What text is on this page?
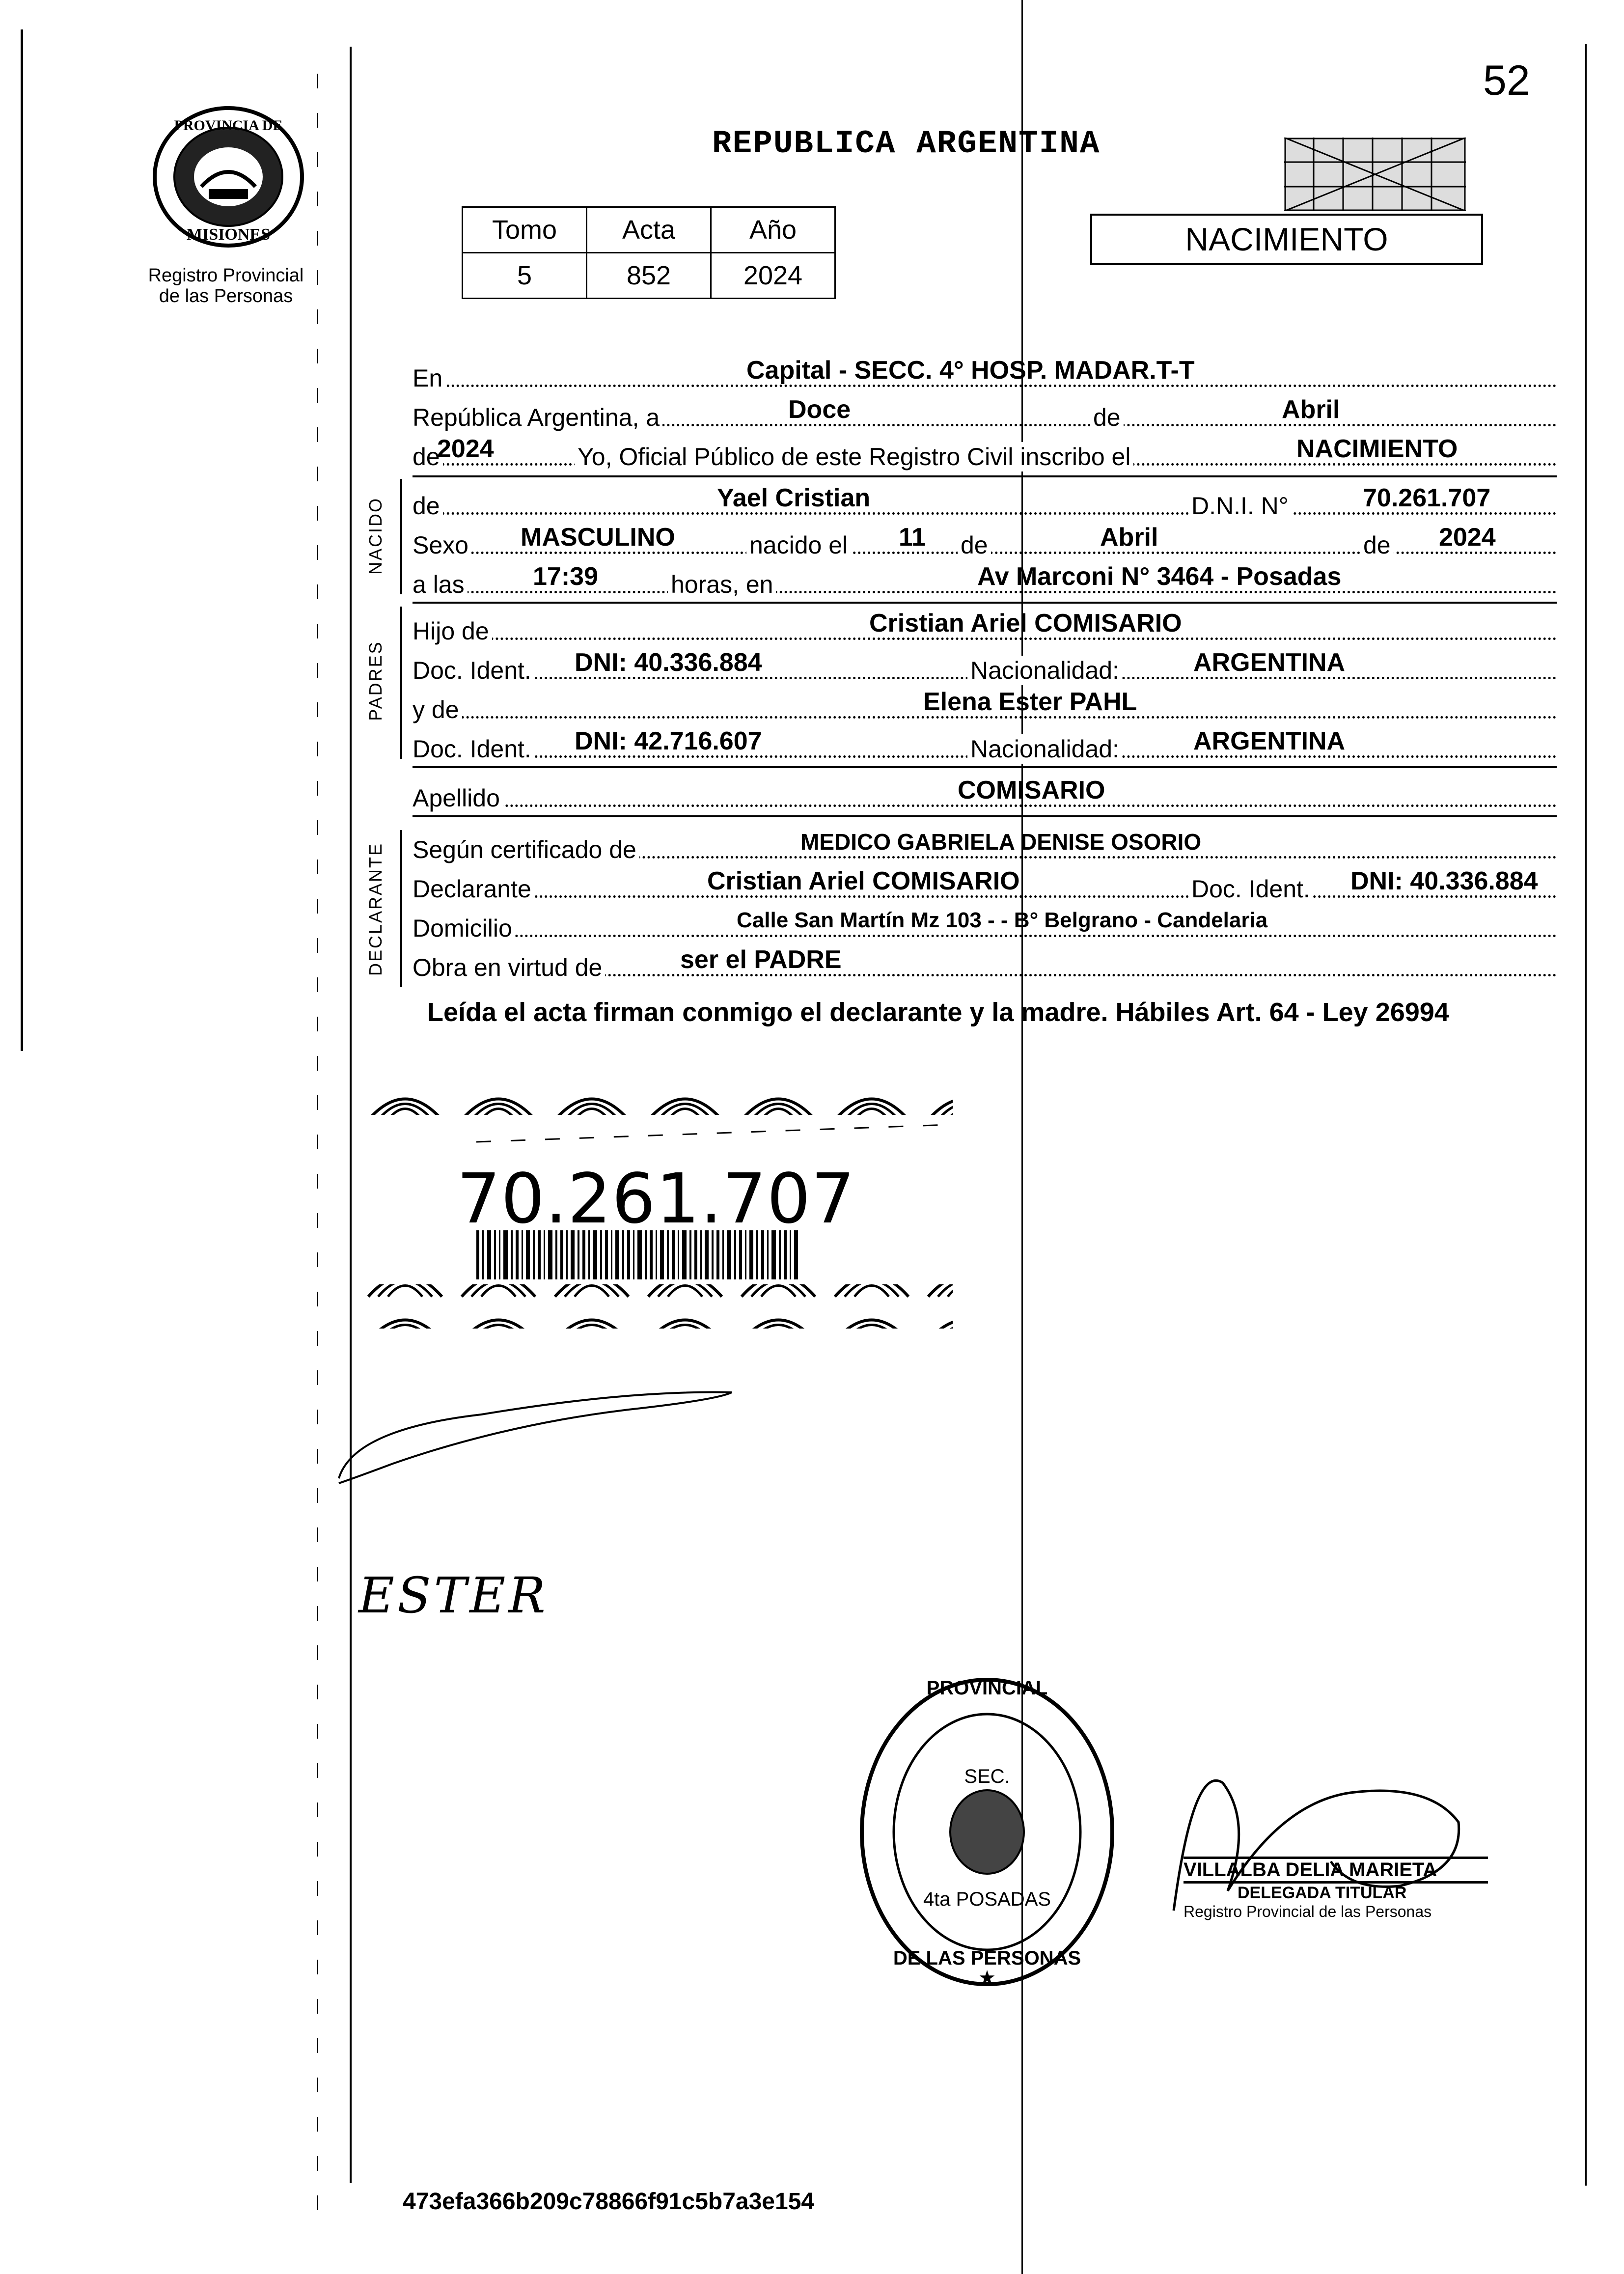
PROVINCIA DE
MISIONES
Registro Provincial
de las Personas
52
REPUBLICA ARGENTINA
Tomo	Acta	Año
5	852	2024
NACIMIENTO
En	Capital - SECC. 4° HOSP. MADAR.T-T
República Argentina, a	Doce	de	Abril
de
2024	Yo, Oficial Público de este Registro Civil inscribo el	NACIMIENTO
NACIDO de	Yael Cristian	D.N.I. N°	70.261.707
Sexo MASCULINO	nacido el 11 de	Abril	de 2024
a las	17:39	horas, en	Av Marconi N° 3464 - Posadas
PADRES
Hijo de	Cristian Ariel COMISARIO
Doc. Ident. DNI: 40.336.884	Nacionalidad:	ARGENTINA
y de	Elena Ester PAHL
Doc. Ident. DNI: 42.716.607	Nacionalidad:	ARGENTINA
Apellido	COMISARIO
DECLARANTE Según certificado de	MEDICO GABRIELA DENISE OSORIO
Declarante	Cristian Ariel COMISARIO	Doc. Ident. DNI: 40.336.884
Domicilio	Calle San Martín Mz 103 - - B° Belgrano - Candelaria
Obra en virtud de	ser el PADRE
Leída el acta firman conmigo el declarante y la madre. Hábiles Art. 64 - Ley 26994
70.261.707
ESTER
PROVINCIAL
DE LAS PERSONAS
SEC.
4ta POSADAS
★
VILLALBA DELIA MARIETA
DELEGADA TITULAR
Registro Provincial de las Personas
473efa366b209c78866f91c5b7a3e154
